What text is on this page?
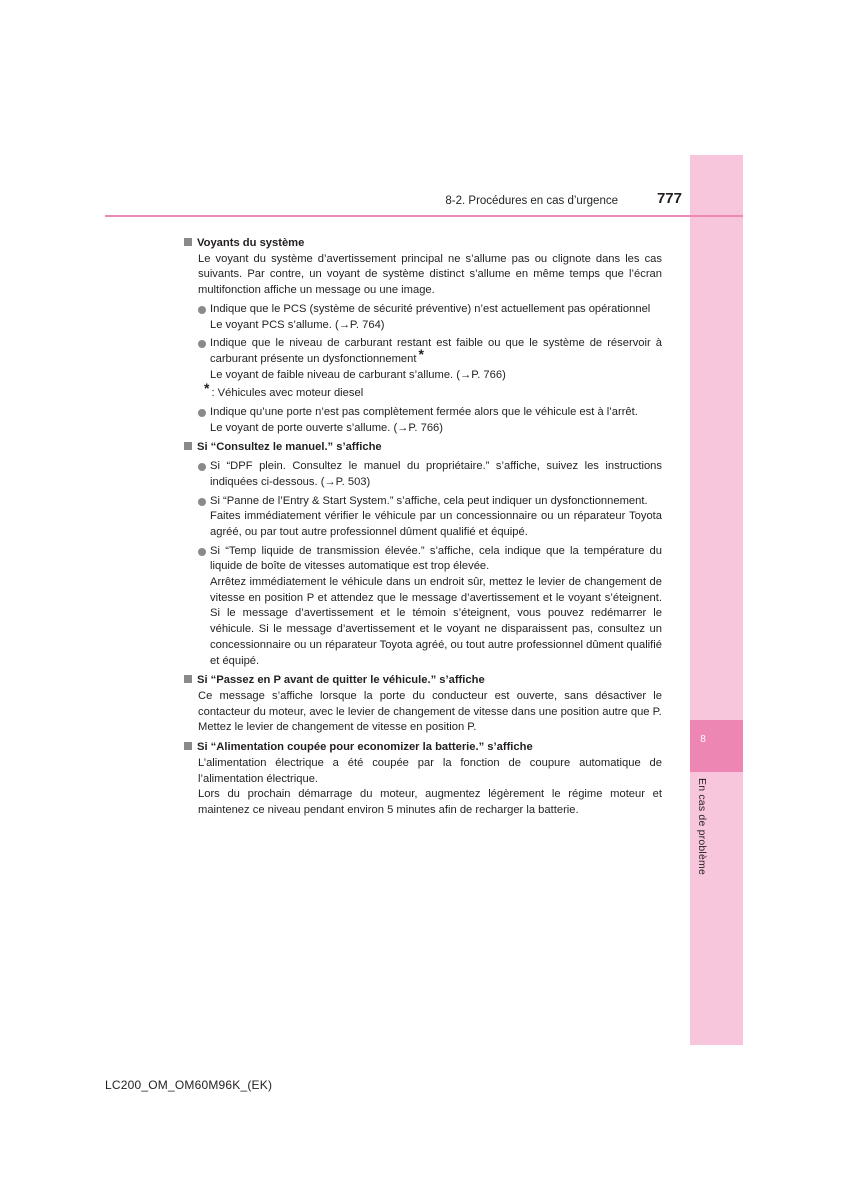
8
En cas de problème
8-2. Procédures en cas d’urgence	777

Voyants du système

Le voyant du système d’avertissement principal ne s’allume pas ou clignote dans les cas suivants. Par contre, un voyant de système distinct s’allume en même temps que l’écran multifonction affiche un message ou une image.

Indique que le PCS (système de sécurité préventive) n’est actuellement pas opérationnel

Le voyant PCS s’allume. (→P. 764)

Indique que le niveau de carburant restant est faible ou que le système de réservoir à carburant présente un dysfonctionnement *

Le voyant de faible niveau de carburant s’allume. (→P. 766)

* : Véhicules avec moteur diesel

Indique qu’une porte n’est pas complètement fermée alors que le véhicule est à l’arrêt.

Le voyant de porte ouverte s’allume. (→P. 766)

Si “Consultez le manuel.” s’affiche

Si “DPF plein. Consultez le manuel du propriétaire.” s’affiche, suivez les instructions indiquées ci-dessous. (→P. 503)

Si “Panne de l’Entry & Start System.” s’affiche, cela peut indiquer un dysfonctionnement.

Faites immédiatement vérifier le véhicule par un concessionnaire ou un réparateur Toyota agréé, ou par tout autre professionnel dûment qualifié et équipé.

Si “Temp liquide de transmission élevée.” s’affiche, cela indique que la température du liquide de boîte de vitesses automatique est trop élevée.

Arrêtez immédiatement le véhicule dans un endroit sûr, mettez le levier de changement de vitesse en position P et attendez que le message d’avertissement et le voyant s’éteignent. Si le message d’avertissement et le témoin s’éteignent, vous pouvez redémarrer le véhicule. Si le message d’avertissement et le voyant ne disparaissent pas, consultez un concessionnaire ou un réparateur Toyota agréé, ou tout autre professionnel dûment qualifié et équipé.

Si “Passez en P avant de quitter le véhicule.” s’affiche

Ce message s’affiche lorsque la porte du conducteur est ouverte, sans désactiver le contacteur du moteur, avec le levier de changement de vitesse dans une position autre que P.

Mettez le levier de changement de vitesse en position P.

Si “Alimentation coupée pour economizer la batterie.” s’affiche

L’alimentation électrique a été coupée par la fonction de coupure automatique de l’alimentation électrique.

Lors du prochain démarrage du moteur, augmentez légèrement le régime moteur et maintenez ce niveau pendant environ 5 minutes afin de recharger la batterie.

LC200_OM_OM60M96K_(EK)
